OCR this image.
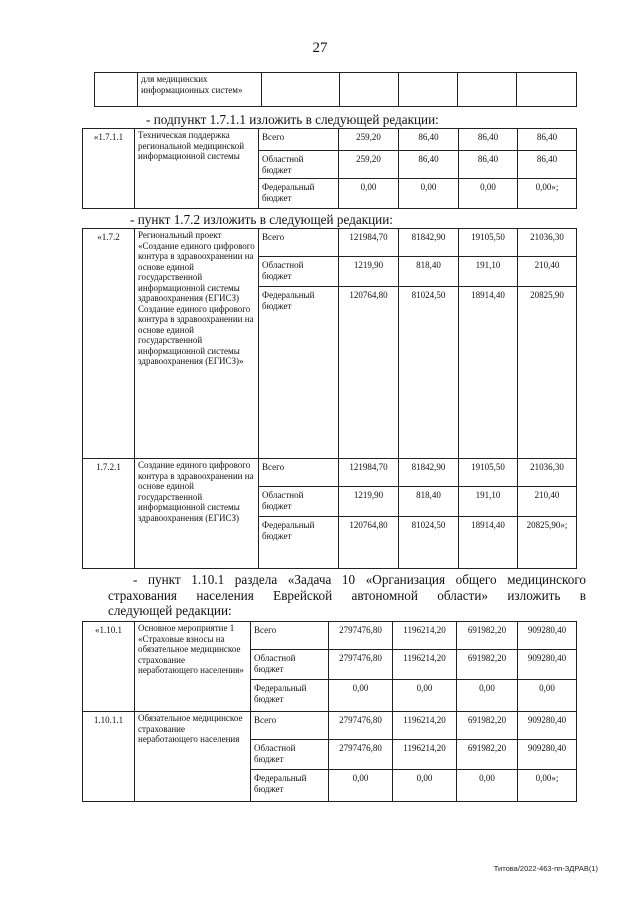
27
	для медицинских информационных систем»					
- подпункт 1.7.1.1 изложить в следующей редакции:
«1.7.1.1	Техническая поддержка региональной медицинской информационной системы	Всего	259,20	86,40	86,40	86,40
		Областной бюджет	259,20	86,40	86,40	86,40
		Федеральный бюджет	0,00	0,00	0,00	0,00»;
- пункт 1.7.2 изложить в следующей редакции:
«1.7.2	Региональный проект «Создание единого цифрового контура в здравоохранении на основе единой государственной информационной системы здравоохранения (ЕГИСЗ) Создание единого цифрового контура в здравоохранении на основе единой государственной информационной системы здравоохранения (ЕГИСЗ)»	Всего	121984,70	81842,90	19105,50	21036,30
		Областной бюджет	1219,90	818,40	191,10	210,40
		Федеральный бюджет	120764,80	81024,50	18914,40	20825,90
1.7.2.1	Создание единого цифрового контура в здравоохранении на основе единой государственной информационной системы здравоохранения (ЕГИСЗ)	Всего	121984,70	81842,90	19105,50	21036,30
		Областной бюджет	1219,90	818,40	191,10	210,40
		Федеральный бюджет	120764,80	81024,50	18914,40	20825,90»;
- пункт 1.10.1 раздела «Задача 10 «Организация общего медицинского
страхования населения Еврейской автономной области» изложить в
следующей редакции:
«1.10.1	Основное мероприятие 1 «Страховые взносы на обязательное медицинское страхование неработающего населения»	Всего	2797476,80	1196214,20	691982,20	909280,40
		Областной бюджет	2797476,80	1196214,20	691982,20	909280,40
		Федеральный бюджет	0,00	0,00	0,00	0,00
1.10.1.1	Обязательное медицинское страхование неработающего населения	Всего	2797476,80	1196214,20	691982,20	909280,40
		Областной бюджет	2797476,80	1196214,20	691982,20	909280,40
		Федеральный бюджет	0,00	0,00	0,00	0,00»;
Титова/2022-463-пп-ЗДРАВ(1)
